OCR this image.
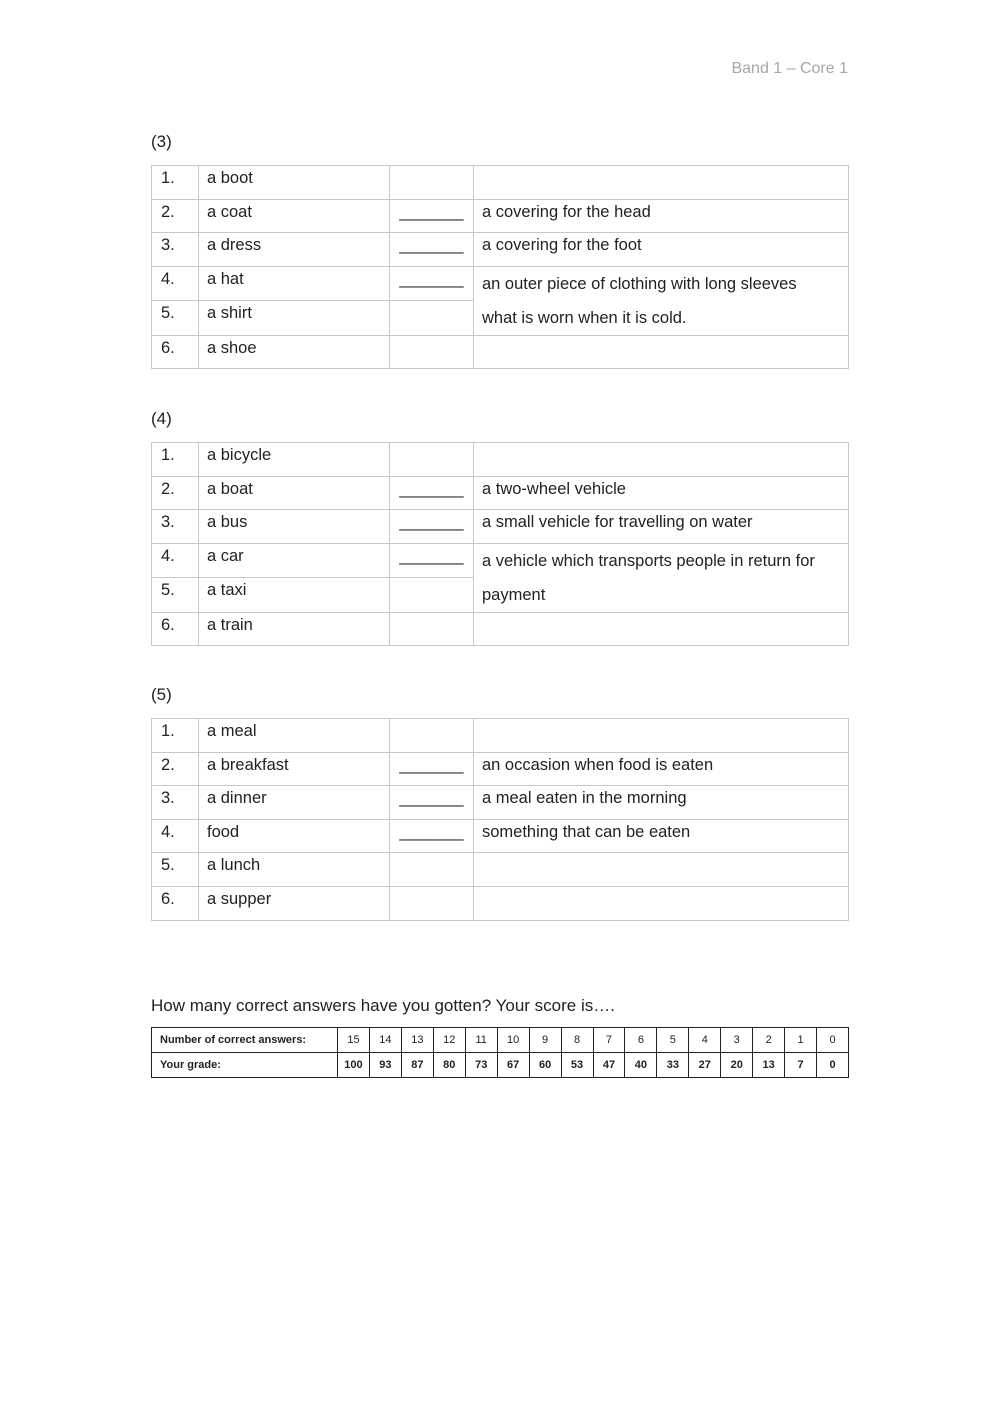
Band 1 – Core 1
(3)
1.	a boot		
2.	a coat	_______	a covering for the head
3.	a dress	_______	a covering for the foot
4.	a hat	_______	an outer piece of clothing with long sleeves
what is worn when it is cold.

5.	a shirt		
6.	a shoe		
(4)
1.	a bicycle		
2.	a boat	_______	a two-wheel vehicle
3.	a bus	_______	a small vehicle for travelling on water
4.	a car	_______	a vehicle which transports people in return for
payment

5.	a taxi		
6.	a train		
(5)
1.	a meal		
2.	a breakfast	_______	an occasion when food is eaten
3.	a dinner	_______	a meal eaten in the morning
4.	food	_______	something that can be eaten
5.	a lunch		
6.	a supper		
How many correct answers have you gotten? Your score is….
Number of correct answers:	15	14	13	12	11	10	9	8	7	6	5	4	3	2	1	0
Your grade:	100	93	87	80	73	67	60	53	47	40	33	27	20	13	7	0
